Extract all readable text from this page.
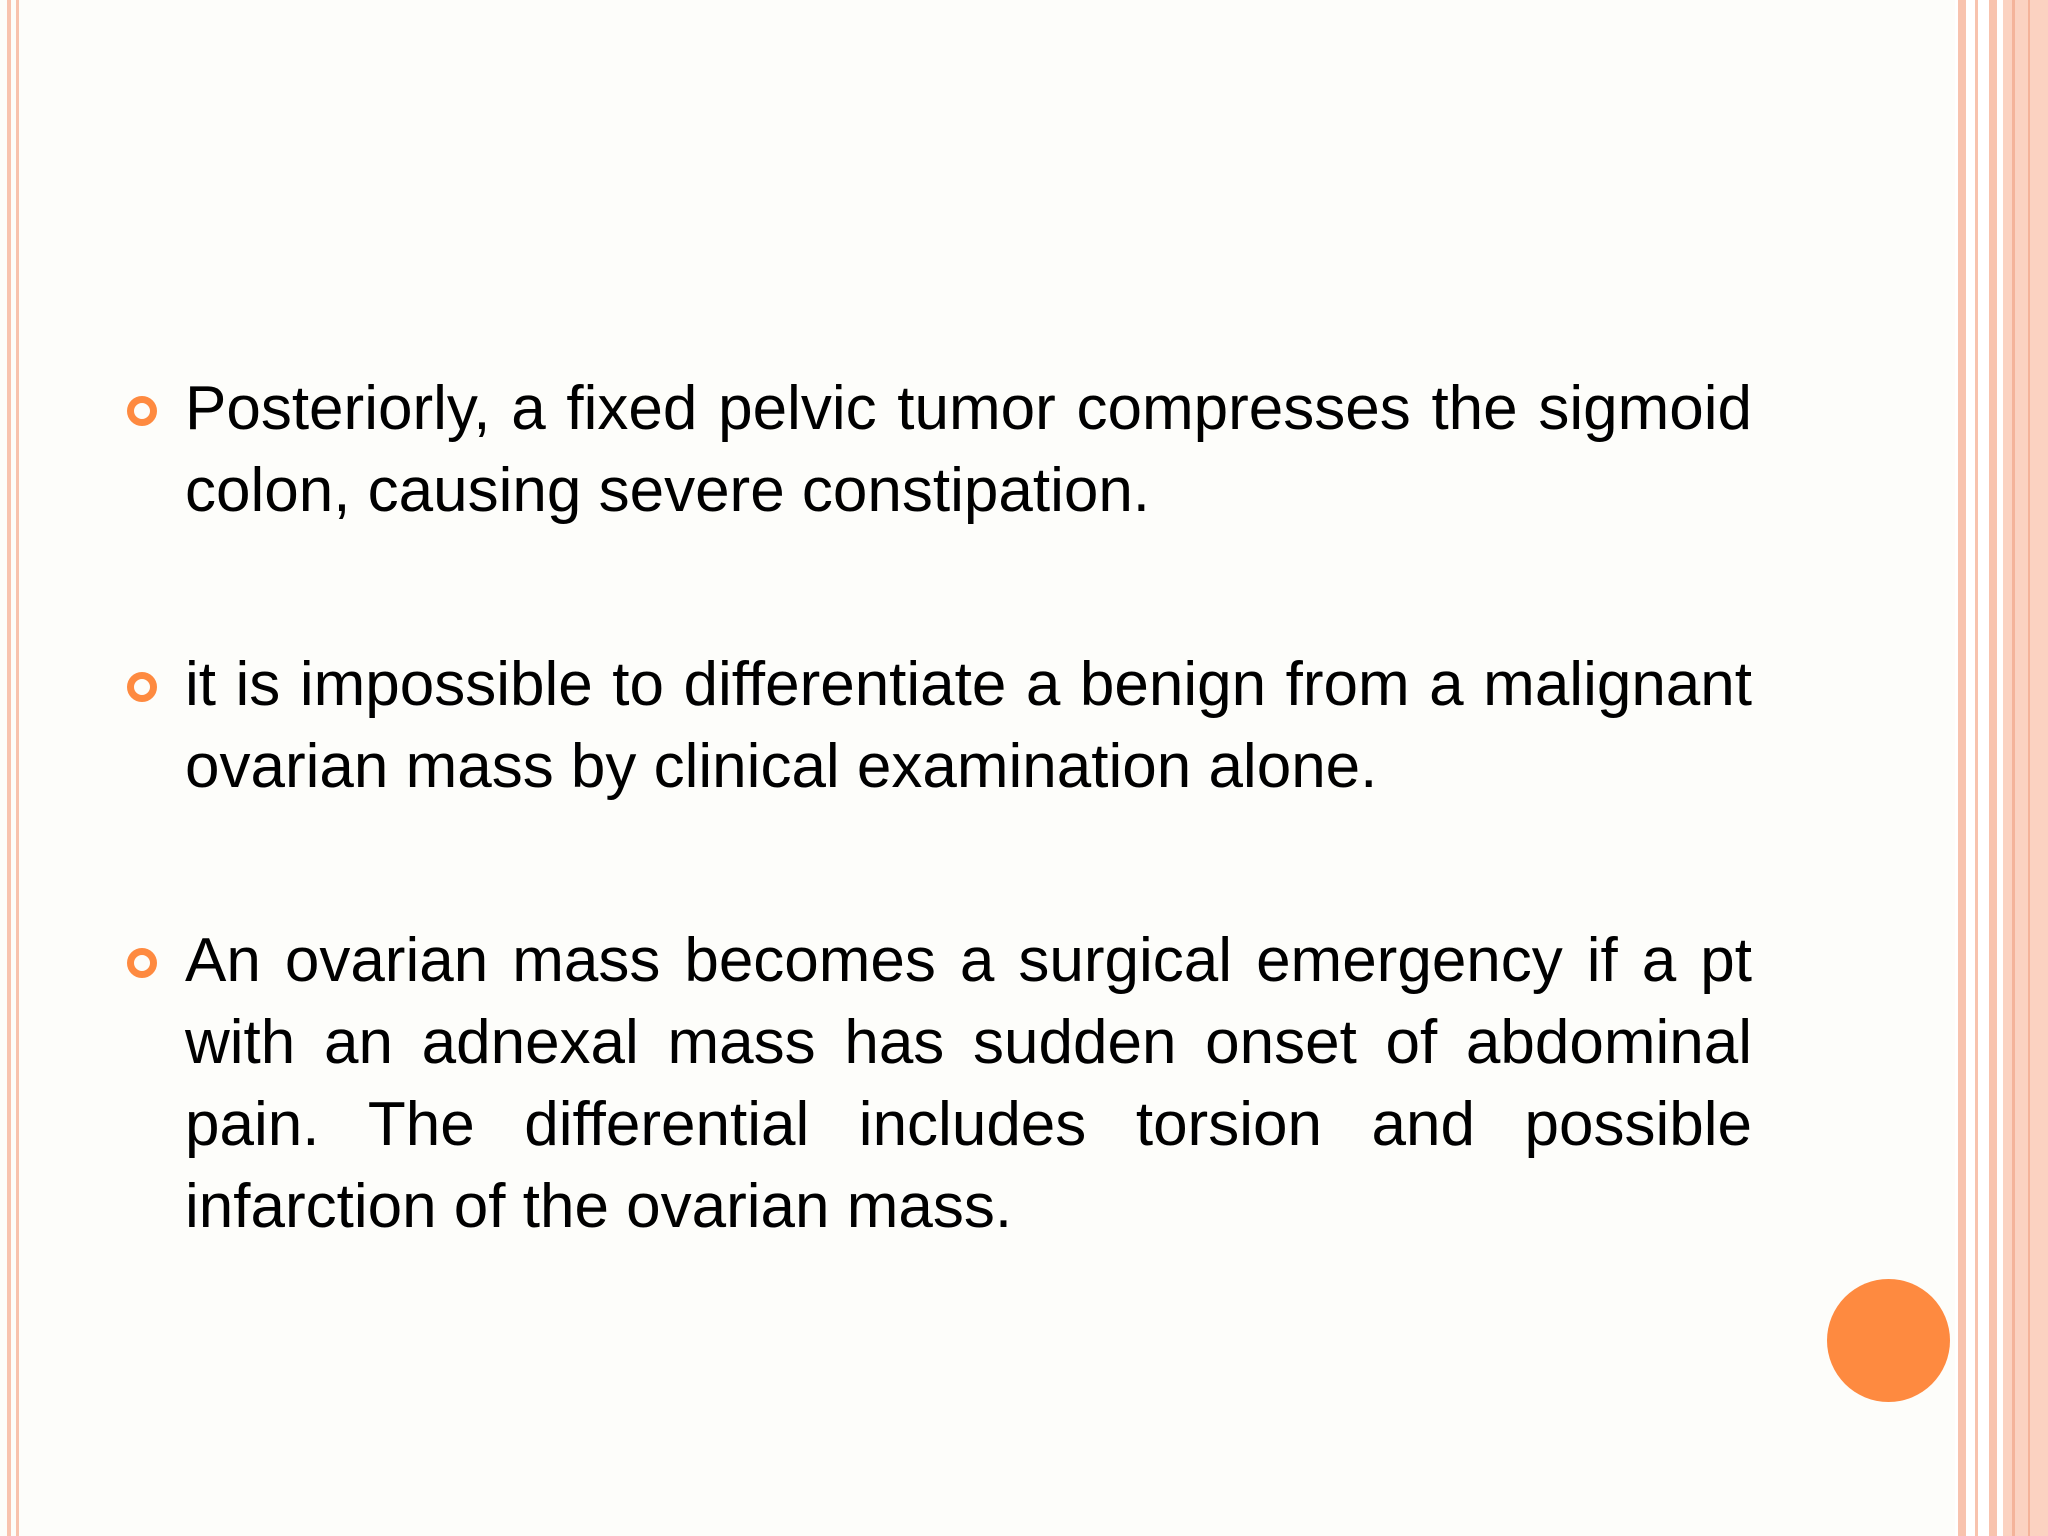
Posteriorly, a fixed pelvic tumor compresses the sigmoid colon, causing severe constipation.
it is impossible to differentiate a benign from a malignant ovarian mass by clinical examination alone.
An ovarian mass becomes a surgical emergency if a pt with an adnexal mass has sudden onset of abdominal pain. The differential includes torsion and possible infarction of the ovarian mass.
